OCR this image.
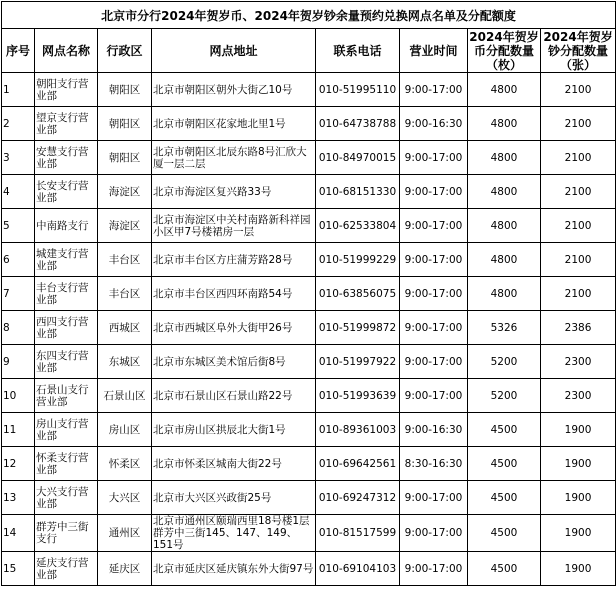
北京市分行2024年贺岁币、2024年贺岁钞余量预约兑换网点名单及分配额度							
序号	网点名称	行政区	网点地址	联系电话	营业时间	2024年贺岁币分配数量（枚）	2024年贺岁钞分配数量（张）
1	朝阳支行营业部	朝阳区	北京市朝阳区朝外大街乙10号	010-51995110	9:00-17:00	4800	2100
2	望京支行营业部	朝阳区	北京市朝阳区花家地北里1号	010-64738788	9:00-16:30	4800	2100
3	安慧支行营业部	朝阳区	北京市朝阳区北辰东路8号汇欣大厦一层二层	010-84970015	9:00-17:00	4800	2100
4	长安支行营业部	海淀区	北京市海淀区复兴路33号	010-68151330	9:00-17:00	4800	2100
5	中南路支行	海淀区	北京市海淀区中关村南路新科祥园小区甲7号楼裙房一层	010-62533804	9:00-17:00	4800	2100
6	城建支行营业部	丰台区	北京市丰台区方庄蒲芳路28号	010-51999229	9:00-17:00	4800	2100
7	丰台支行营业部	丰台区	北京市丰台区西四环南路54号	010-63856075	9:00-17:00	4800	2100
8	西四支行营业部	西城区	北京市西城区阜外大街甲26号	010-51999872	9:00-17:00	5326	2386
9	东四支行营业部	东城区	北京市东城区美术馆后街8号	010-51997922	9:00-17:00	5200	2300
10	石景山支行营业部	石景山区	北京市石景山区石景山路22号	010-51993639	9:00-17:00	5200	2300
11	房山支行营业部	房山区	北京市房山区拱辰北大街1号	010-89361003	9:00-16:30	4500	1900
12	怀柔支行营业部	怀柔区	北京市怀柔区城南大街22号	010-69642561	8:30-16:30	4500	1900
13	大兴支行营业部	大兴区	北京市大兴区兴政街25号	010-69247312	9:00-17:00	4500	1900
14	群芳中三街支行	通州区	北京市通州区颐瑞西里18号楼1层群芳中三街145、147、149、151号	010-81517599	9:00-17:00	4500	1900
15	延庆支行营业部	延庆区	北京市延庆区延庆镇东外大街97号	010-69104103	9:00-17:00	4500	1900
